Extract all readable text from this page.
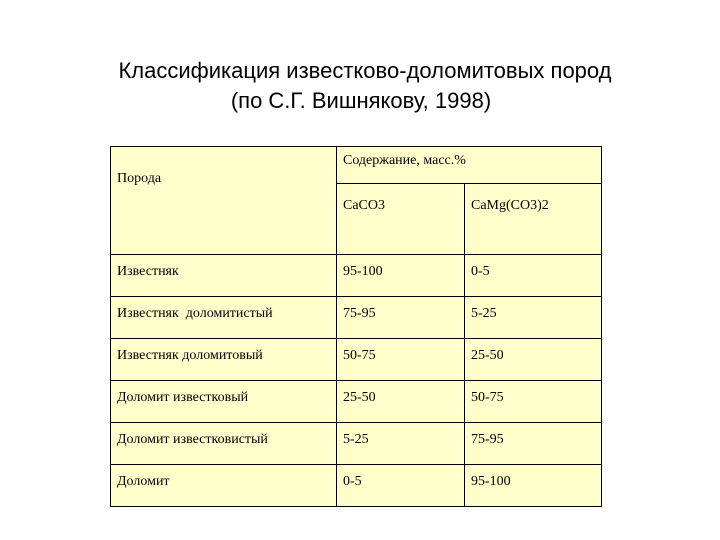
Классификация известково-доломитовых пород
(по С.Г. Вишнякову, 1998)
Порода	Содержание, масс.%	
	CaCO3	CaMg(CO3)2
Известняк	95-100	0-5
Известняк  доломитистый	75-95	5-25
Известняк доломитовый	50-75	25-50
Доломит известковый	25-50	50-75
Доломит известковистый	5-25	75-95
Доломит	0-5	95-100
